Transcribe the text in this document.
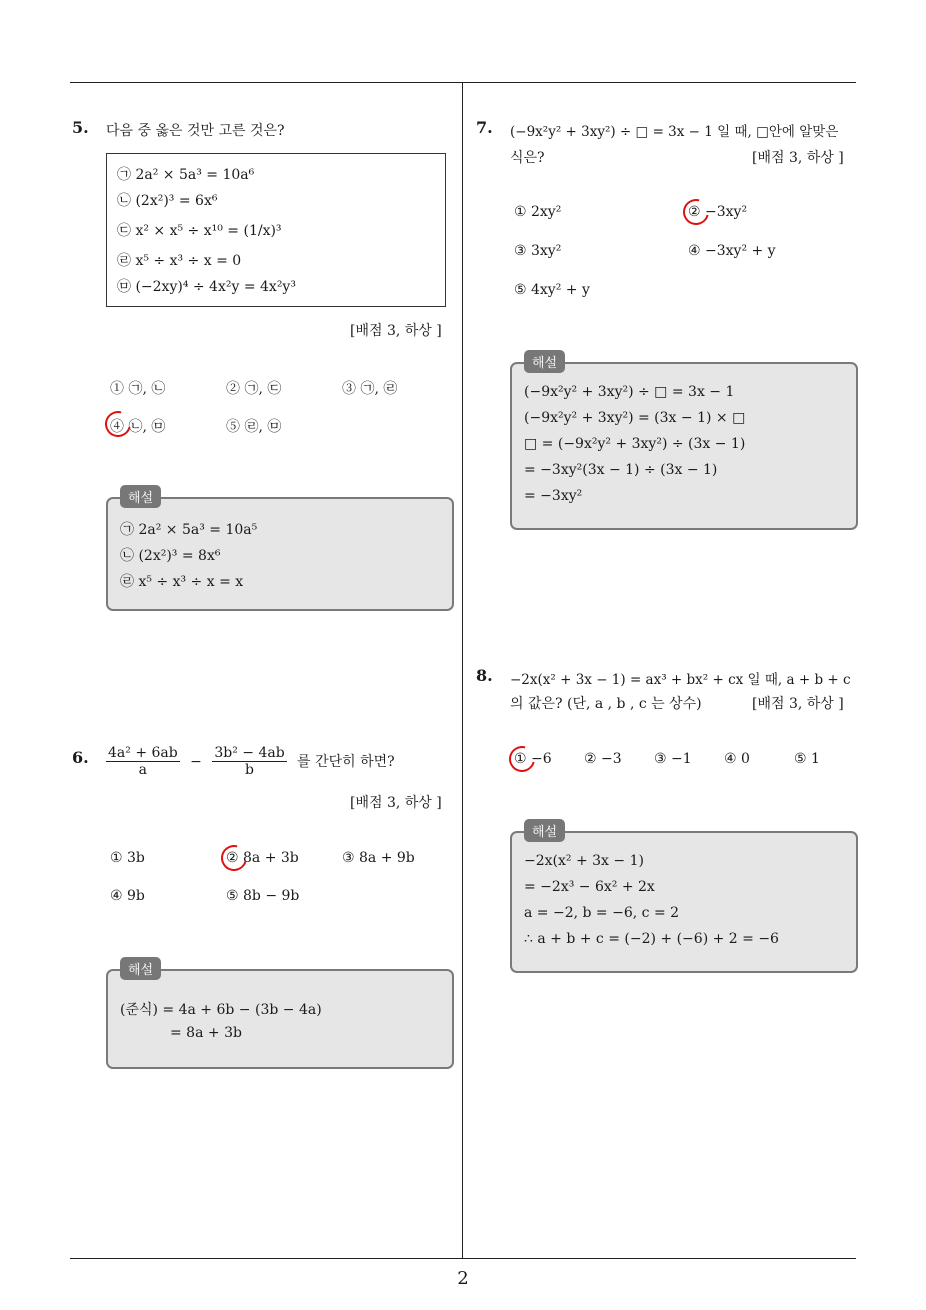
5. 다음 중 옳은 것만 고른 것은?
㉠ 2a² × 5a³ = 10a⁶
㉡ (2x²)³ = 6x⁶
㉢ x² × x⁵ ÷ x¹⁰ = (1/x)³
㉣ x⁵ ÷ x³ ÷ x = 0
㉤ (−2xy)⁴ ÷ 4x²y = 4x²y³
[배점 3, 하상 ]
① ㉠, ㉡	② ㉠, ㉢	③ ㉠, ㉣
④ ㉡, ㉤	⑤ ㉣, ㉤
㉠ 2a² × 5a³ = 10a⁵
㉡ (2x²)³ = 8x⁶
㉣ x⁵ ÷ x³ ÷ x = x
해설
6. $\frac{\text{4a² + 6ab}}{a} - \frac{\text{3b² − 4ab}}{b}$ 를 간단히 하면?
[배점 3, 하상 ]
① 3b	② 8a + 3b	③ 8a + 9b
④ 9b	⑤ 8b − 9b
(준식) = 4a + 6b − (3b − 4a)
= 8a + 3b
해설
7. (−9x²y² + 3xy²) ÷ □ = 3x − 1 일 때, □안에 알맞은
식은?	[배점 3, 하상 ]
① 2xy²	② −3xy²
③ 3xy²	④ −3xy² + y
⑤ 4xy² + y
(−9x²y² + 3xy²) ÷ □ = 3x − 1
(−9x²y² + 3xy²) = (3x − 1) × □
□ = (−9x²y² + 3xy²) ÷ (3x − 1)
= −3xy²(3x − 1) ÷ (3x − 1)
= −3xy²
해설
8. −2x(x² + 3x − 1) = ax³ + bx² + cx 일 때, a + b + c
의 값은? (단, a , b , c 는 상수)	[배점 3, 하상 ]
① −6 ② −3 ③ −1 ④ 0	⑤ 1
−2x(x² + 3x − 1)
= −2x³ − 6x² + 2x
a = −2, b = −6, c = 2
∴ a + b + c = (−2) + (−6) + 2 = −6
해설
2
